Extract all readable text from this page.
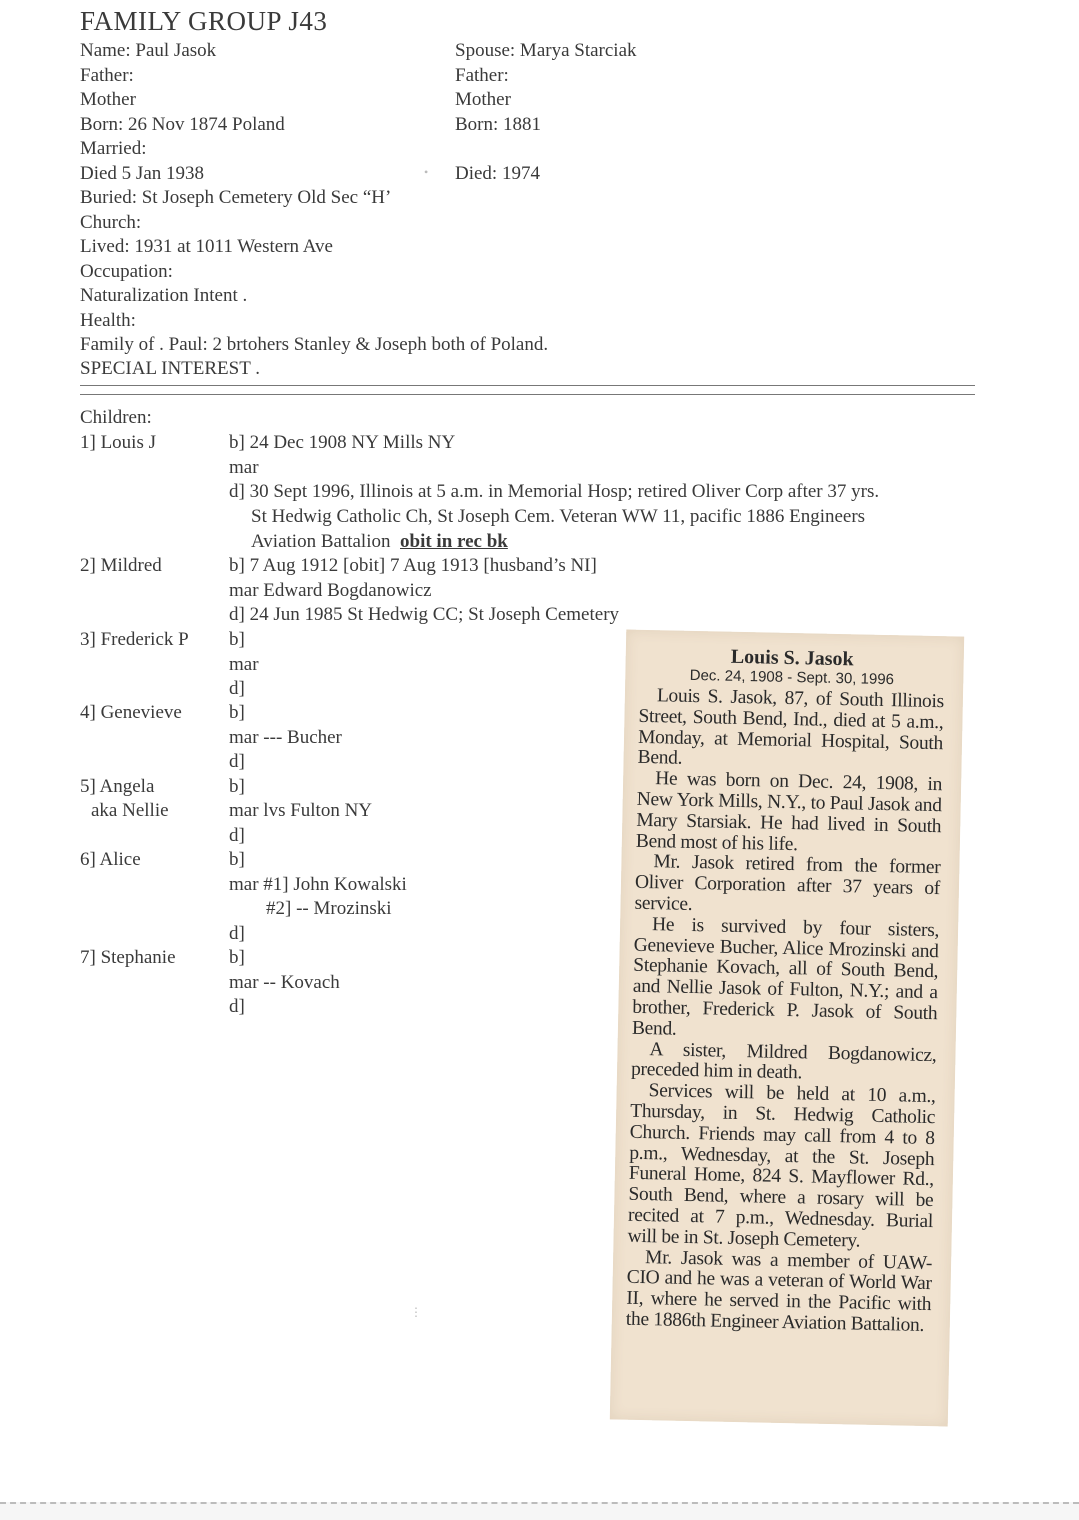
FAMILY GROUP J43
Name: Paul Jasok
Father:
Mother
Born: 26 Nov 1874 Poland
Married:
Died 5 Jan 1938
Buried: St Joseph Cemetery Old Sec “H’
Church:
Lived: 1931 at 1011 Western Ave
Occupation:
Naturalization Intent .
Health:
Family of . Paul: 2 brtohers Stanley & Joseph both of Poland.
SPECIAL INTEREST .
Spouse: Marya Starciak
Father:
Mother
Born: 1881
Died: 1974
Children:
1] Louis J	b] 24 Dec 1908 NY Mills NY
mar
d] 30 Sept 1996, Illinois at 5 a.m. in Memorial Hosp; retired Oliver Corp after 37 yrs.
St Hedwig Catholic Ch, St Joseph Cem. Veteran WW 11, pacific 1886 Engineers
Aviation Battalion obit in rec bk
2] Mildred	b] 7 Aug 1912 [obit] 7 Aug 1913 [husband’s NI]
mar Edward Bogdanowicz
d] 24 Jun 1985 St Hedwig CC; St Joseph Cemetery
3] Frederick P b]
mar
d]
4] Genevieve b]
mar --- Bucher
d]
5] Angela
aka Nellie
b]
mar lvs Fulton NY
d]
6] Alice	b]
mar #1] John Kowalski
#2] -- Mrozinski
d]
7] Stephanie	b]
mar -- Kovach
d]
Louis S. Jasok
Dec. 24, 1908 - Sept. 30, 1996

Louis S. Jasok, 87, of South Illinois Street, South Bend, Ind., died at 5 a.m., Monday, at Memorial Hospital, South Bend.

He was born on Dec. 24, 1908, in New York Mills, N.Y., to Paul Jasok and Mary Starsiak. He had lived in South Bend most of his life.

Mr. Jasok retired from the former Oliver Corporation after 37 years of service.

He is survived by four sisters, Genevieve Bucher, Alice Mrozinski and Stephanie Kovach, all of South Bend, and Nellie Jasok of Fulton, N.Y.; and a brother, Frederick P. Jasok of South Bend.

A sister, Mildred Bogdanowicz, preceded him in death.

Services will be held at 10 a.m., Thursday, in St. Hedwig Catholic Church. Friends may call from 4 to 8 p.m., Wednesday, at the St. Joseph Funeral Home, 824 S. Mayflower Rd., South Bend, where a rosary will be recited at 7 p.m., Wednesday. Burial will be in St. Joseph Cemetery.

Mr. Jasok was a member of UAW-CIO and he was a veteran of World War II, where he served in the Pacific with the 1886th Engineer Aviation Battalion.

•
⋮
